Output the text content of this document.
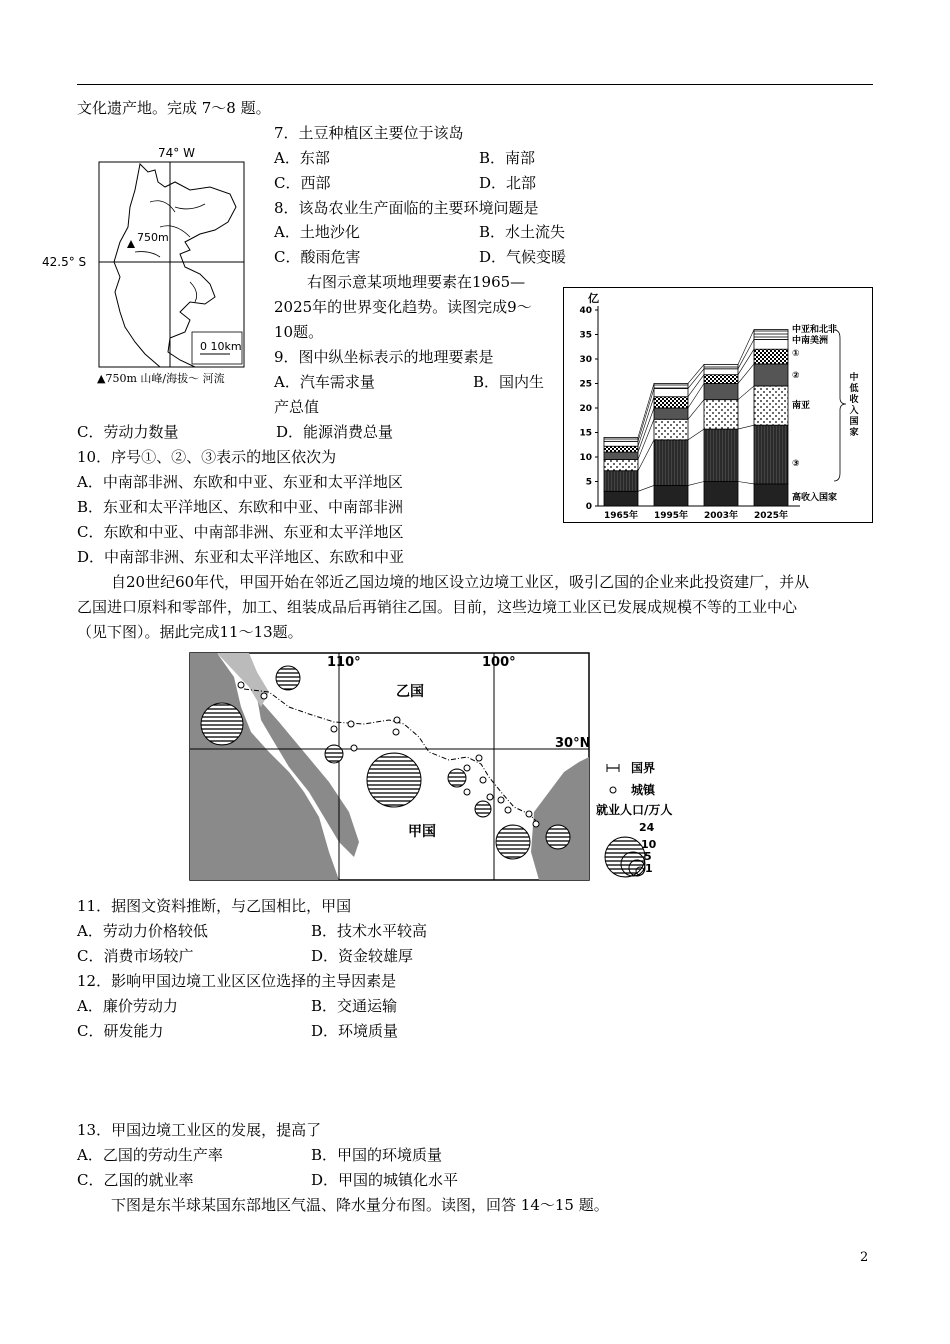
文化遗产地。完成 7～8 题。
7．土豆种植区主要位于该岛
A．东部	B．南部
C．西部	D．北部
8．该岛农业生产面临的主要环境问题是
A．土地沙化	B．水土流失
C．酸雨危害	D．气候变暖
74° W
42.5° S
750m
0 10km
▲750m 山峰/海拔〜 河流
右图示意某项地理要素在1965—
2025年的世界变化趋势。读图完成9～
10题。
9．图中纵坐标表示的地理要素是
A．汽车需求量	B．国内生
产总值
C．劳动力数量	D．能源消费总量
亿
0
5
10
15
20
25
30
35
40
1965年 1995年 2003年 2025年
高收入国家
③
南亚
②
①
中南美洲
中亚和北非
中
低
收
入
国
家
10．序号①、②、③表示的地区依次为
A．中南部非洲、东欧和中亚、东亚和太平洋地区
B．东亚和太平洋地区、东欧和中亚、中南部非洲
C．东欧和中亚、中南部非洲、东亚和太平洋地区
D．中南部非洲、东亚和太平洋地区、东欧和中亚
自20世纪60年代，甲国开始在邻近乙国边境的地区设立边境工业区，吸引乙国的企业来此投资建厂，并从
乙国进口原料和零部件，加工、组装成品后再销往乙国。目前，这些边境工业区已发展成规模不等的工业中心
（见下图）。据此完成11～13题。
110°	100°
30°N
乙国
甲国
国界
城镇
就业人口/万人
24
10
5
1
11．据图文资料推断，与乙国相比，甲国
A．劳动力价格较低	B．技术水平较高
C．消费市场较广	D．资金较雄厚
12．影响甲国边境工业区区位选择的主导因素是
A．廉价劳动力	B．交通运输
C．研发能力	D．环境质量
13．甲国边境工业区的发展，提高了
A．乙国的劳动生产率	B．甲国的环境质量
C．乙国的就业率	D．甲国的城镇化水平
下图是东半球某国东部地区气温、降水量分布图。读图，回答 14～15 题。
2
